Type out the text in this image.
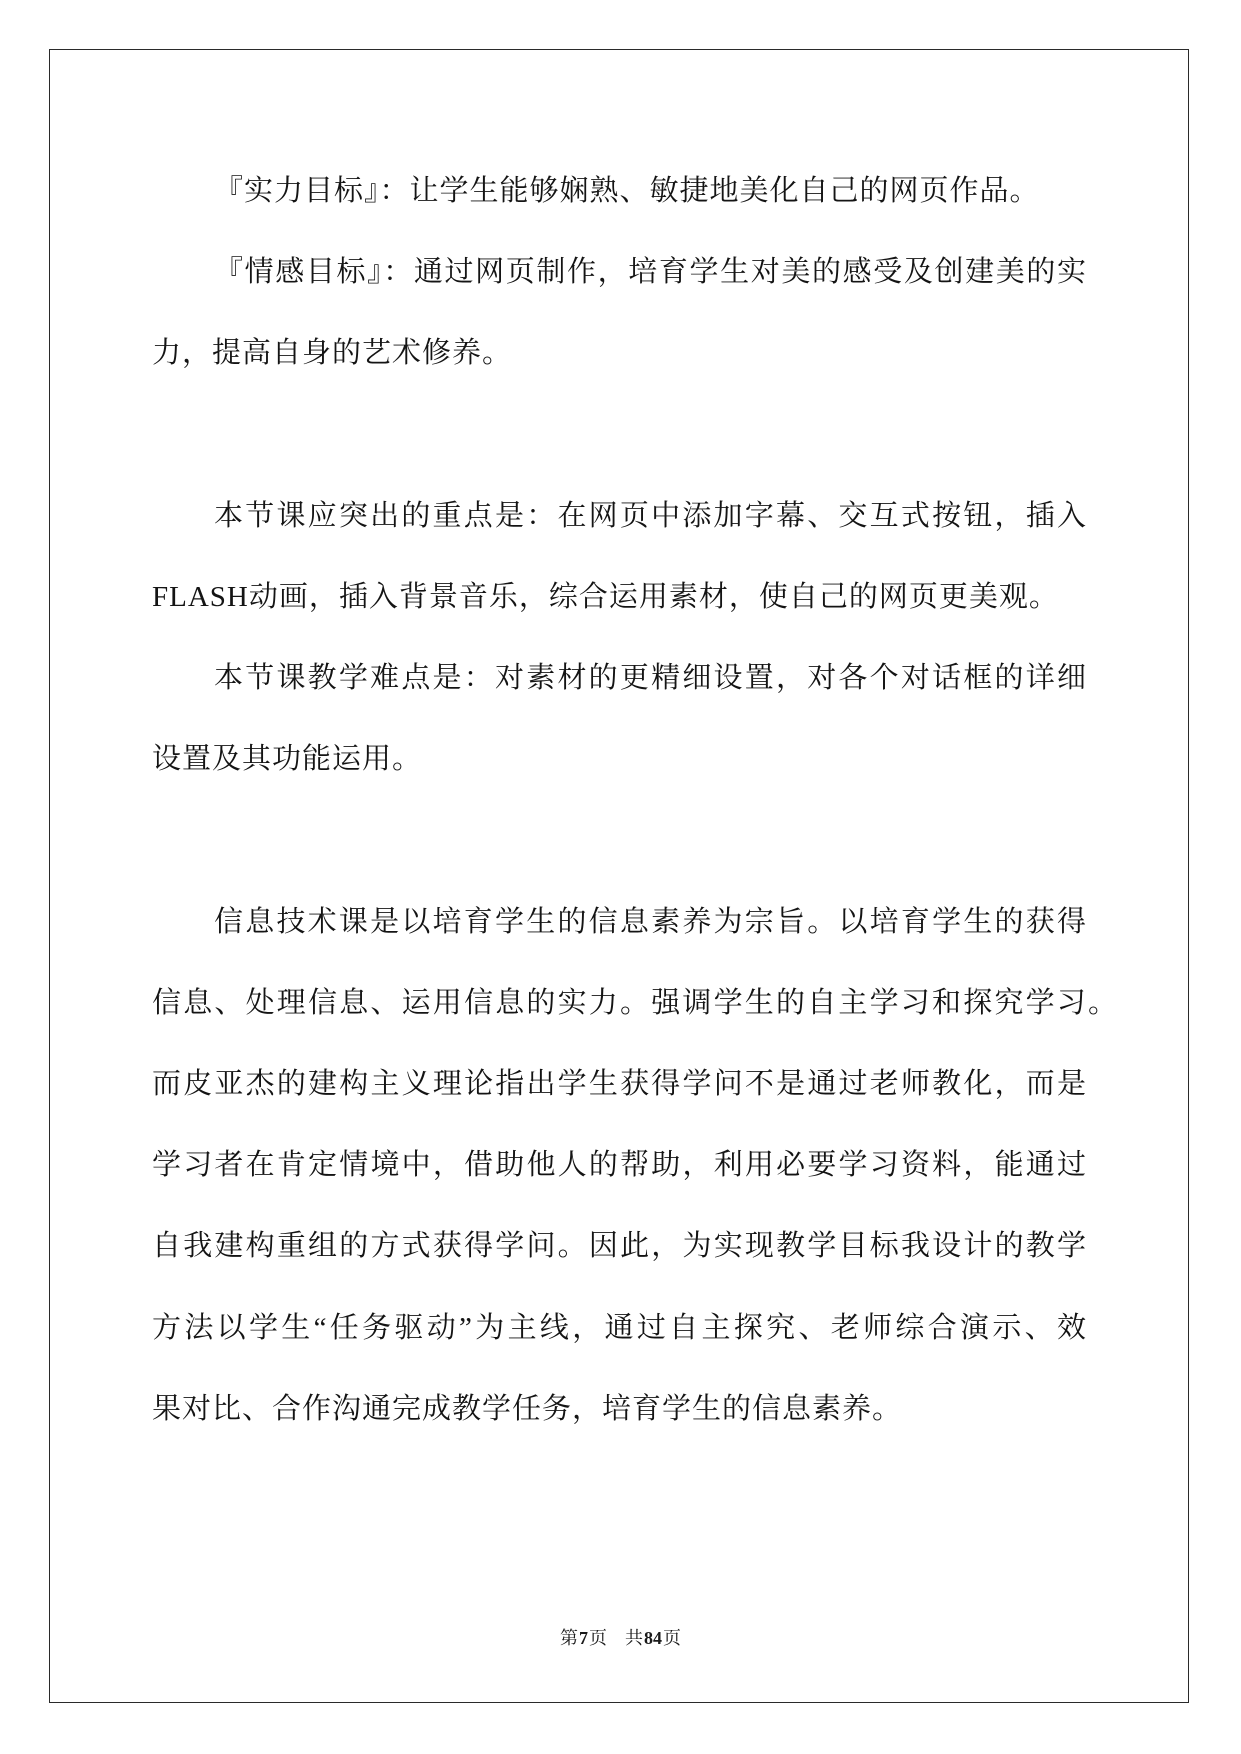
『实力目标』：让学生能够娴熟、敏捷地美化自己的网页作品。
『情感目标』：通过网页制作，培育学生对美的感受及创建美的实
力，提高自身的艺术修养。
本节课应突出的重点是：在网页中添加字幕、交互式按钮，插入
FLASH动画，插入背景音乐，综合运用素材，使自己的网页更美观。
本节课教学难点是：对素材的更精细设置，对各个对话框的详细
设置及其功能运用。
信息技术课是以培育学生的信息素养为宗旨。以培育学生的获得
信息、处理信息、运用信息的实力。强调学生的自主学习和探究学习。
而皮亚杰的建构主义理论指出学生获得学问不是通过老师教化，而是
学习者在肯定情境中，借助他人的帮助，利用必要学习资料，能通过
自我建构重组的方式获得学问。因此，为实现教学目标我设计的教学
方法以学生“任务驱动”为主线，通过自主探究、老师综合演示、效
果对比、合作沟通完成教学任务，培育学生的信息素养。
第7页 共84页
